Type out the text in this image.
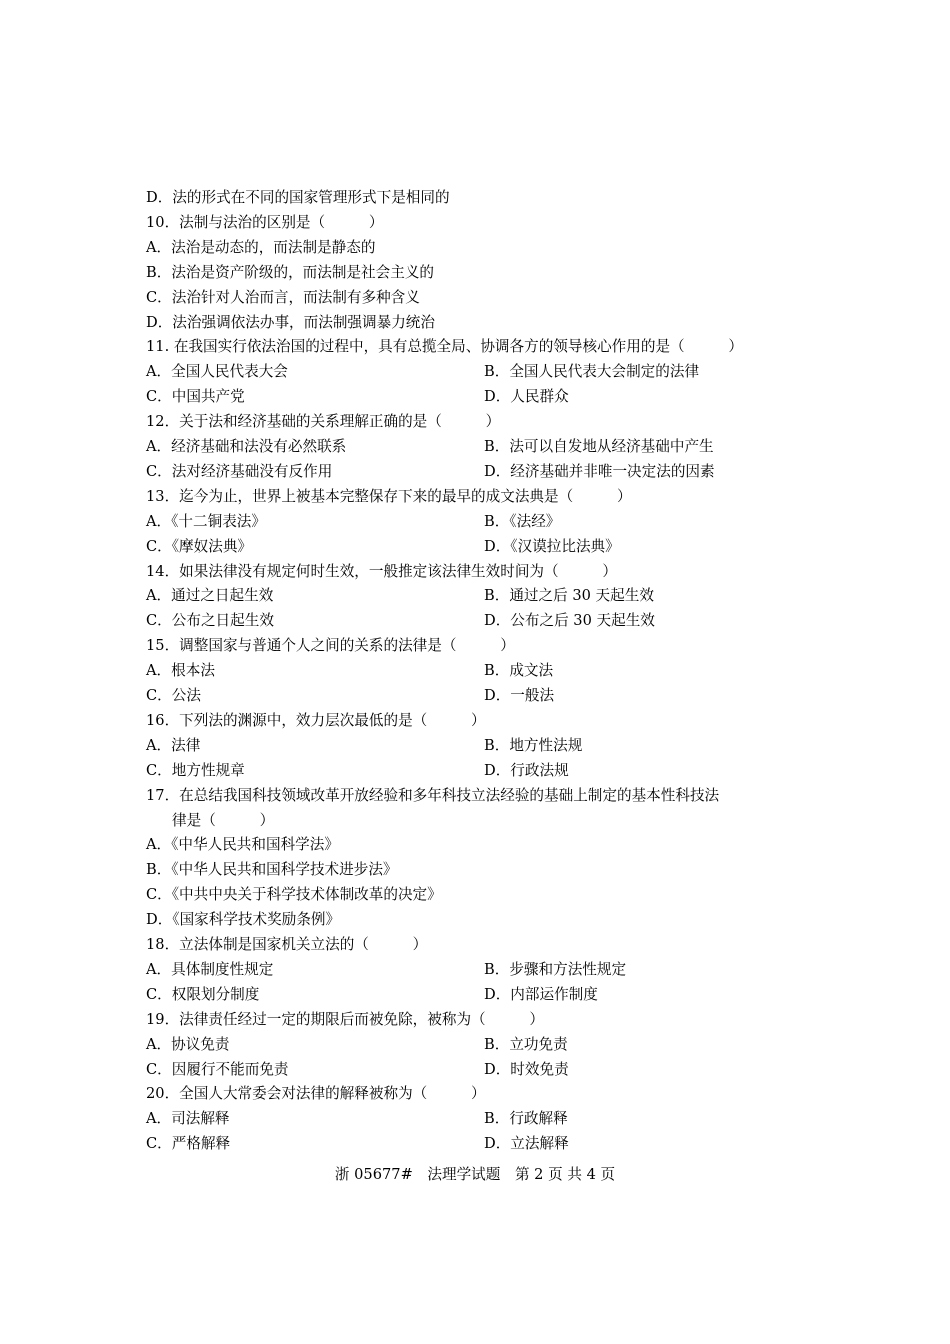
D．法的形式在不同的国家管理形式下是相同的
10．法制与法治的区别是（　　　）
A．法治是动态的，而法制是静态的
B．法治是资产阶级的，而法制是社会主义的
C．法治针对人治而言，而法制有多种含义
D．法治强调依法办事，而法制强调暴力统治
11. 在我国实行依法治国的过程中，具有总揽全局、协调各方的领导核心作用的是（　　　）
A．全国人民代表大会	B．全国人民代表大会制定的法律
C．中国共产党	D．人民群众
12．关于法和经济基础的关系理解正确的是（　　　）
A．经济基础和法没有必然联系	B．法可以自发地从经济基础中产生
C．法对经济基础没有反作用	D．经济基础并非唯一决定法的因素
13．迄今为止，世界上被基本完整保存下来的最早的成文法典是（　　　）
A．《十二铜表法》	B．《法经》
C．《摩奴法典》	D．《汉谟拉比法典》
14．如果法律没有规定何时生效，一般推定该法律生效时间为（　　　）
A．通过之日起生效	B．通过之后 30 天起生效
C．公布之日起生效	D．公布之后 30 天起生效
15．调整国家与普通个人之间的关系的法律是（　　　）
A．根本法	B．成文法
C．公法	D．一般法
16．下列法的渊源中，效力层次最低的是（　　　）
A．法律	B．地方性法规
C．地方性规章	D．行政法规
17．在总结我国科技领域改革开放经验和多年科技立法经验的基础上制定的基本性科技法
律是（　　　）
A．《中华人民共和国科学法》
B．《中华人民共和国科学技术进步法》
C．《中共中央关于科学技术体制改革的决定》
D．《国家科学技术奖励条例》
18．立法体制是国家机关立法的（　　　）
A．具体制度性规定	B．步骤和方法性规定
C．权限划分制度	D．内部运作制度
19．法律责任经过一定的期限后而被免除，被称为（　　　）
A．协议免责	B．立功免责
C．因履行不能而免责	D．时效免责
20．全国人大常委会对法律的解释被称为（　　　）
A．司法解释	B．行政解释
C．严格解释	D．立法解释
浙 05677#　法理学试题　第 2 页 共 4 页
